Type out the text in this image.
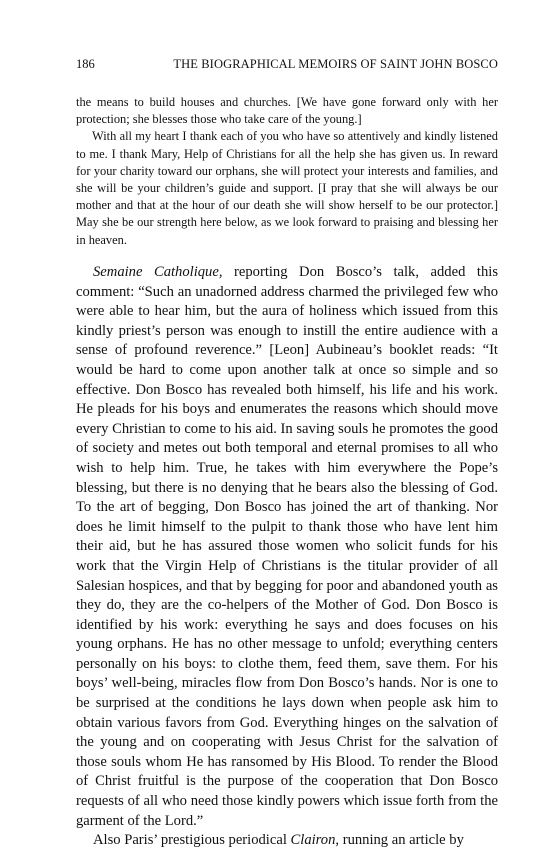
186	THE BIOGRAPHICAL MEMOIRS OF SAINT JOHN BOSCO

the means to build houses and churches. [We have gone forward only with her protection; she blesses those who take care of the young.]

With all my heart I thank each of you who have so attentively and kindly listened to me. I thank Mary, Help of Christians for all the help she has given us. In reward for your charity toward our orphans, she will protect your interests and families, and she will be your children’s guide and support. [I pray that she will always be our mother and that at the hour of our death she will show herself to be our protector.] May she be our strength here below, as we look forward to praising and blessing her in heaven.

Semaine Catholique, reporting Don Bosco’s talk, added this comment: “Such an unadorned address charmed the privileged few who were able to hear him, but the aura of holiness which issued from this kindly priest’s person was enough to instill the entire audience with a sense of profound reverence.” [Leon] Aubineau’s booklet reads: “It would be hard to come upon another talk at once so simple and so effective. Don Bosco has revealed both himself, his life and his work. He pleads for his boys and enumerates the reasons which should move every Christian to come to his aid. In saving souls he promotes the good of society and metes out both temporal and eternal promises to all who wish to help him. True, he takes with him everywhere the Pope’s blessing, but there is no denying that he bears also the blessing of God. To the art of begging, Don Bosco has joined the art of thanking. Nor does he limit himself to the pulpit to thank those who have lent him their aid, but he has assured those women who solicit funds for his work that the Virgin Help of Christians is the titular provider of all Salesian hospices, and that by begging for poor and abandoned youth as they do, they are the co-helpers of the Mother of God. Don Bosco is identified by his work: everything he says and does focuses on his young orphans. He has no other message to unfold; everything centers personally on his boys: to clothe them, feed them, save them. For his boys’ well-being, miracles flow from Don Bosco’s hands. Nor is one to be surprised at the conditions he lays down when people ask him to obtain various favors from God. Everything hinges on the salvation of the young and on cooperating with Jesus Christ for the salvation of those souls whom He has ransomed by His Blood. To render the Blood of Christ fruitful is the purpose of the cooperation that Don Bosco requests of all who need those kindly powers which issue forth from the garment of the Lord.”

Also Paris’ prestigious periodical Clairon, running an article by
